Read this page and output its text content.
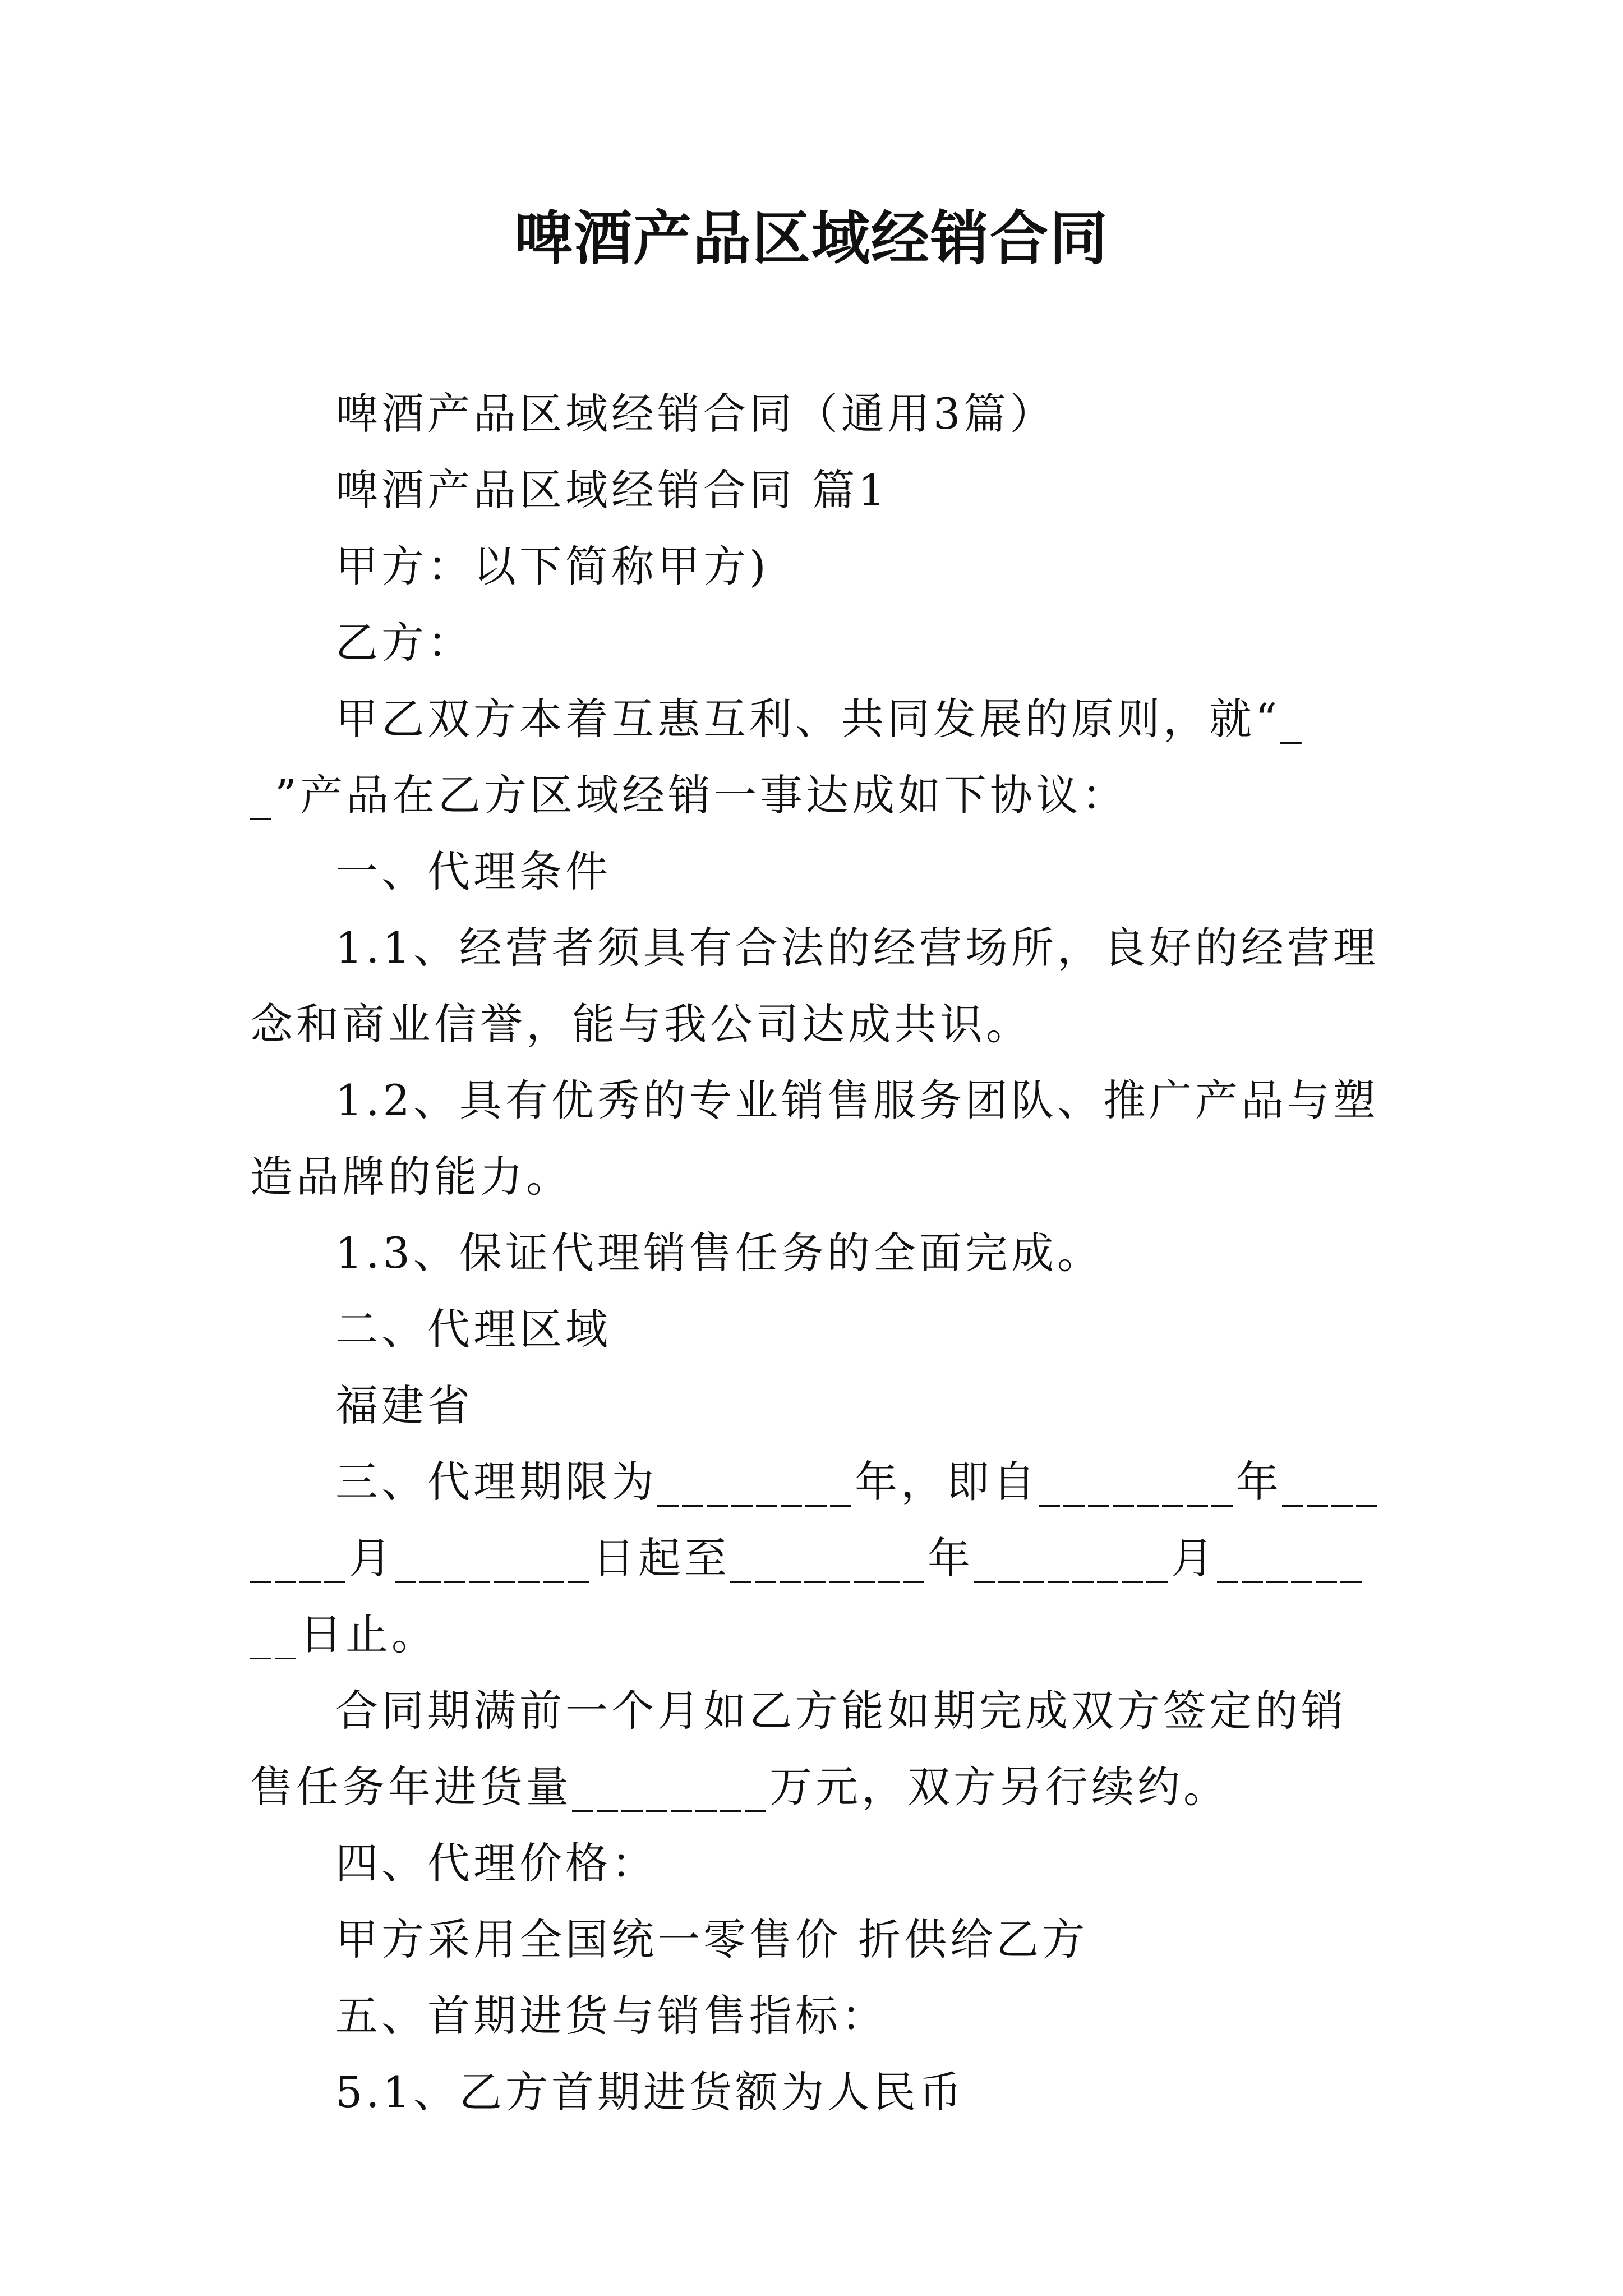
啤酒产品区域经销合同

啤酒产品区域经销合同（通用3篇）

啤酒产品区域经销合同 篇1

甲方：以下简称甲方)

乙方：

甲乙双方本着互惠互利、共同发展的原则，就“__”产品在乙方区域经销一事达成如下协议：

一、代理条件

1.1、经营者须具有合法的经营场所，良好的经营理念和商业信誉，能与我公司达成共识。

1.2、具有优秀的专业销售服务团队、推广产品与塑造品牌的能力。

1.3、保证代理销售任务的全面完成。

二、代理区域

福建省

三、代理期限为________年，即自________年________月________日起至________年________月________日止。

合同期满前一个月如乙方能如期完成双方签定的销售任务年进货量________万元，双方另行续约。

四、代理价格：

甲方采用全国统一零售价 折供给乙方

五、首期进货与销售指标：

5.1、乙方首期进货额为人民币
